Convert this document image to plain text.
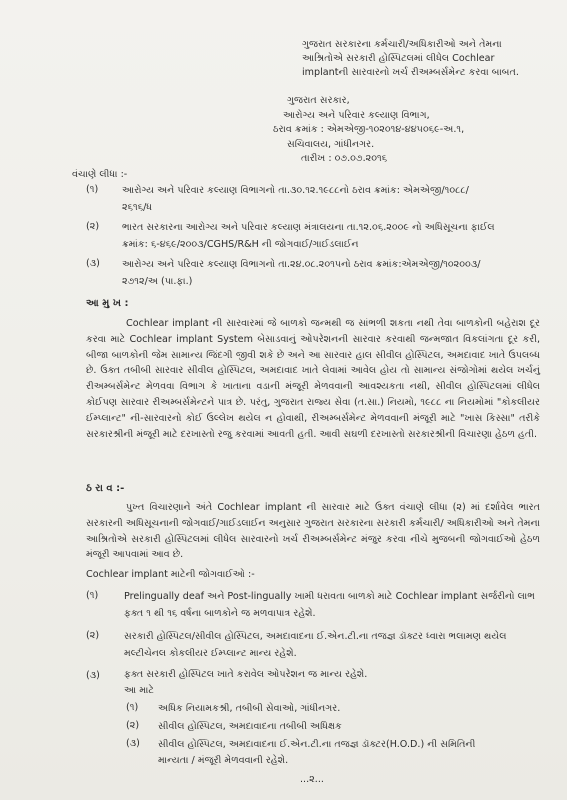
ગુજરાત સરકારના કર્મચારી/અધિકારીઓ અને તેમના
આશ્રિતોએ સરકારી હોસ્પિટલમાં લીધેલ Cochlear
implantની સારવારનો ખર્ચ રીઅમ્બર્સમેન્ટ કરવા બાબત.
ગુજરાત સરકાર,
આરોગ્ય અને પરિવાર કલ્યાણ વિભાગ,
ઠરાવ ક્રમાંક : એમએજી-૧૦૨૦૧૪-૪૪૫૦૬૯-અ.૧,
સચિવાલય, ગાંધીનગર.
તારીખ : ૦૭.૦૭.૨૦૧૬
વંચાણે લીધા :-
(૧) આરોગ્ય અને પરિવાર કલ્યાણ વિભાગનો તા.૩૦.૧૨.૧૯૮૮નો ઠરાવ ક્રમાંક: એમએજી/૧૦૮૮/
૨૬૧૬/ધ
(૨) ભારત સરકારના આરોગ્ય અને પરિવાર કલ્યાણ મંત્રાલયના તા.૧૨.૦૬.૨૦૦૯ નો અધિસૂચના ફાઈલ
ક્રમાંક: ૬-૪૬૯/૨૦૦૩/CGHS/R&H ની જોગવાઈ/ગાઈડલાઈન
(૩) આરોગ્ય અને પરિવાર કલ્યાણ વિભાગનો તા.૨૪.૦૮.૨૦૧૫નો ઠરાવ ક્રમાંક:એમએજી/૧૦૨૦૦૩/
૨૭૧૨/અ (પા.ફા.)
આ મુ ખ :
Cochlear implant ની સારવારમાં જે બાળકો જન્મથી જ સાંભળી શકતા નથી તેવા બાળકોની બહેરાશ દૂર કરવા માટે Cochlear implant System બેસાડવાનું ઓપરેશનની સારવાર કરવાથી જન્મજાત વિકલાંગતા દૂર કરી, બીજા બાળકોની જેમ સામાન્ય જિંદગી જીવી શકે છે અને આ સારવાર હાલ સીવીલ હોસ્પિટલ, અમદાવાદ ખાતે ઉપલબ્ધ છે. ઉક્ત તબીબી સારવાર સીવીલ હોસ્પિટલ, અમદાવાદ ખાતે લેવામાં આવેલ હોય તો સામાન્ય સંજોગોમાં થયેલ ખર્ચનું રીઅમ્બર્સમેન્ટ મેળવવા વિભાગ કે ખાતાના વડાની મંજૂરી મેળવવાની આવશ્યકતા નથી, સીવીલ હોસ્પિટલમાં લીધેલ કોઈપણ સારવાર રીઅમ્બર્સમેન્ટને પાત્ર છે. પરંતુ, ગુજરાત રાજ્ય સેવા (ત.સા.) નિયમો, ૧૯૮૮ ના નિયમોમાં "કોકલીયર ઈમ્પ્લાન્ટ" ની-સારવારનો કોઈ ઉલ્લેખ થયેલ ન હોવાથી, રીઅમ્બર્સમેન્ટ મેળવવાની મંજૂરી માટે "ખાસ કિસ્સા" તરીકે સરકારશ્રીની મંજૂરી માટે દરખાસ્તો રજુ કરવામાં આવતી હતી. આવી સઘળી દરખાસ્તો સરકારશ્રીની વિચારણા હેઠળ હતી.
ઠ રા વ :-
પુખ્ત વિચારણાને અંતે Cochlear implant ની સારવાર માટે ઉક્ત વંચાણે લીધા (૨) માં દર્શાવેલ ભારત સરકારની અધિસૂચનાની જોગવાઈ/ગાઈડલાઈન અનુસાર ગુજરાત સરકારના સરકારી કર્મચારી/ અધિકારીઓ અને તેમના આશ્રિતોએ સરકારી હોસ્પિટલમાં લીધેલ સારવારનો ખર્ચ રીઅમ્બર્સમેન્ટ મંજુર કરવા નીચે મુજબની જોગવાઈઓ હેઠળ મંજૂરી આપવામાં આવ છે.
Cochlear implant માટેની જોગવાઈઓ :-
(૧)	Prelingually deaf અને Post-lingually ખામી ધરાવતા બાળકો માટે Cochlear implant સર્જરીનો લાભ
ફક્ત ૧ થી ૧૬ વર્ષના બાળકોને જ મળવાપાત્ર રહેશે.
(૨)	સરકારી હોસ્પિટલ/સીવીલ હોસ્પિટલ, અમદાવાદના ઈ.એન.ટી.ના તજજ્ઞ ડૉક્ટર ધ્વારા ભલામણ થયેલ
મલ્ટીચેનલ કોકલીયર ઈમ્પ્લાન્ટ માન્ય રહેશે.
(૩)	ફક્ત સરકારી હોસ્પિટલ ખાતે કરાવેલ ઓપરેશન જ માન્ય રહેશે.
આ માટે
(૧) અધિક નિયામકશ્રી, તબીબી સેવાઓ, ગાંધીનગર.
(૨) સીવીલ હોસ્પિટલ, અમદાવાદના તબીબી અધિક્ષક
(૩) સીવીલ હોસ્પિટલ, અમદાવાદના ઈ.એન.ટી.ના તજજ્ઞ ડૉક્ટર(H.O.D.) ની સમિતિની
માન્યતા / મંજૂરી મેળવવાની રહેશે.
...૨...
